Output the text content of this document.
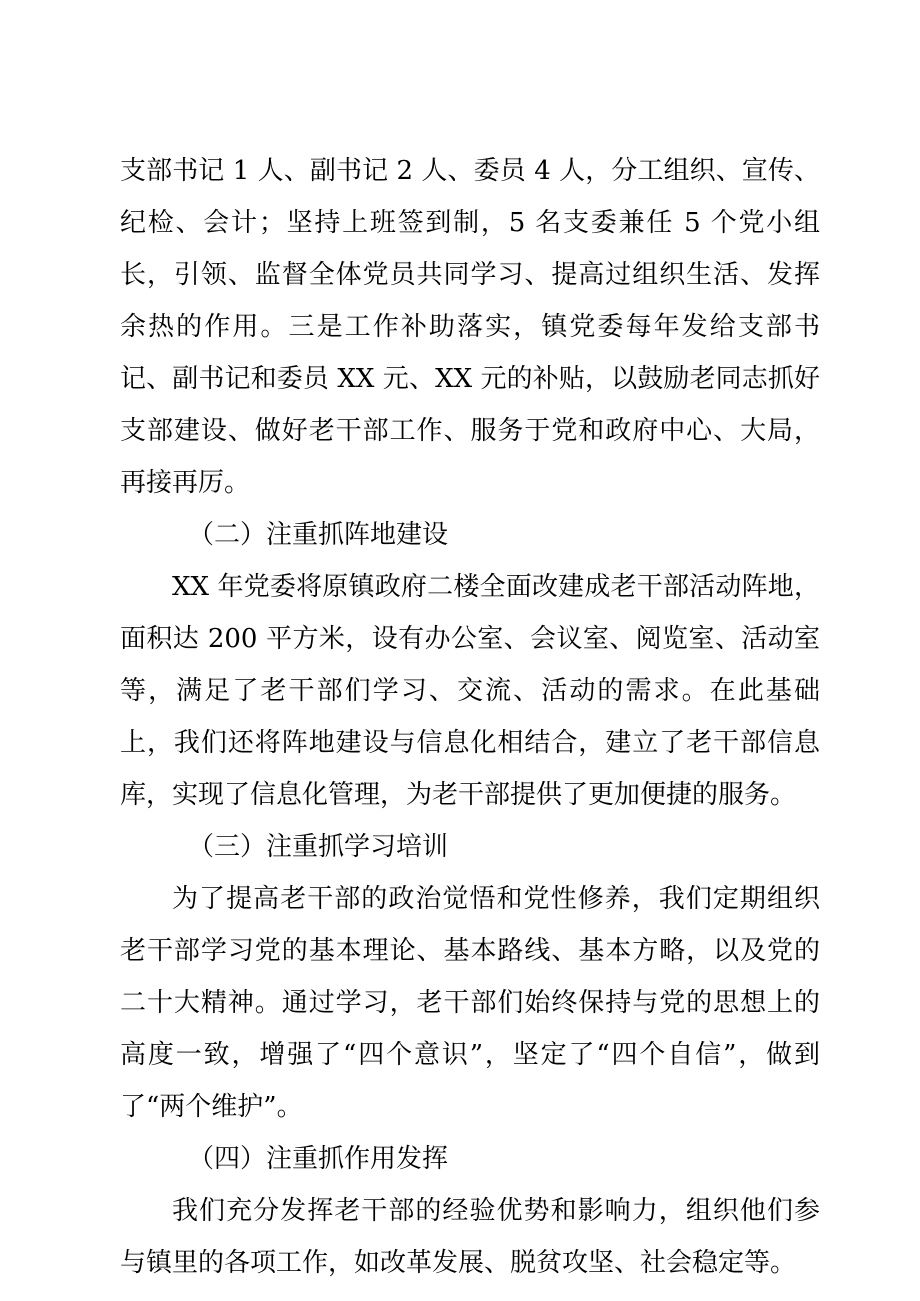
支部书记 1 人、副书记 2 人、委员 4 人，分工组织、宣传、纪检、会计；坚持上班签到制，5 名支委兼任 5 个党小组长，引领、监督全体党员共同学习、提高过组织生活、发挥余热的作用。三是工作补助落实，镇党委每年发给支部书记、副书记和委员 XX 元、XX 元的补贴，以鼓励老同志抓好支部建设、做好老干部工作、服务于党和政府中心、大局，再接再厉。

（二）注重抓阵地建设

XX 年党委将原镇政府二楼全面改建成老干部活动阵地，面积达 200 平方米，设有办公室、会议室、阅览室、活动室等，满足了老干部们学习、交流、活动的需求。在此基础上，我们还将阵地建设与信息化相结合，建立了老干部信息库，实现了信息化管理，为老干部提供了更加便捷的服务。

（三）注重抓学习培训

为了提高老干部的政治觉悟和党性修养，我们定期组织老干部学习党的基本理论、基本路线、基本方略，以及党的二十大精神。通过学习，老干部们始终保持与党的思想上的高度一致，增强了“四个意识”，坚定了“四个自信”，做到了“两个维护”。

（四）注重抓作用发挥

我们充分发挥老干部的经验优势和影响力，组织他们参与镇里的各项工作，如改革发展、脱贫攻坚、社会稳定等。
